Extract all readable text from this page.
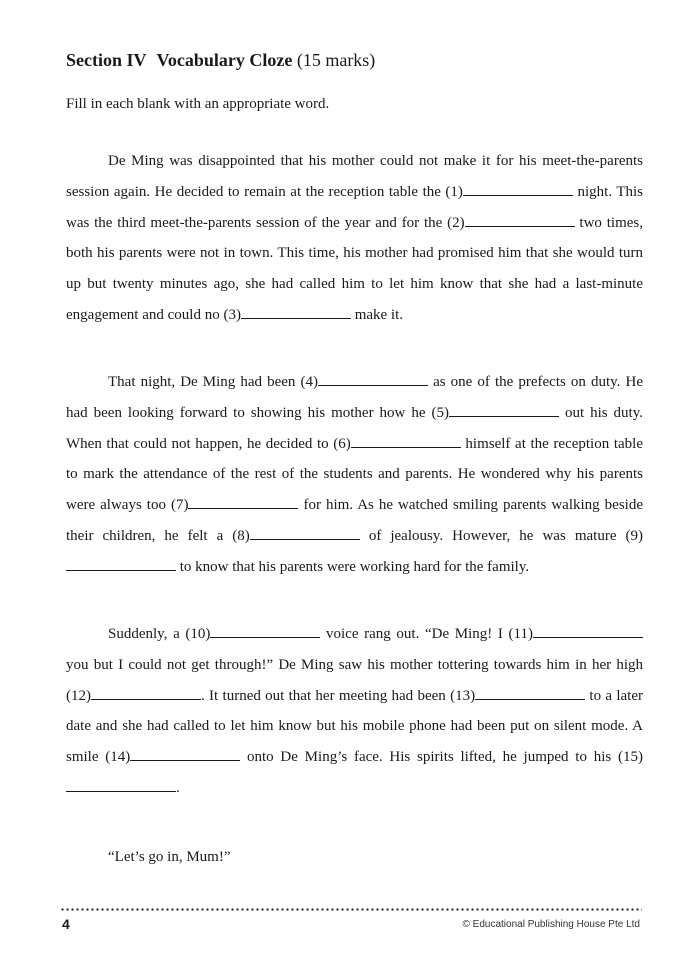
Section IV Vocabulary Cloze (15 marks)
Fill in each blank with an appropriate word.

De Ming was disappointed that his mother could not make it for his meet-the-parents session again. He decided to remain at the reception table the (1)	night. This was the third meet-the-parents session of the year and for the (2)	two times, both his parents were not in town. This time, his mother had promised him that she would turn up but twenty minutes ago, she had called him to let him know that she had a last-minute engagement and could no (3)	make it.

That night, De Ming had been (4)	as one of the prefects on duty. He had been looking forward to showing his mother how he (5)	out his duty. When that could not happen, he decided to (6)	himself at the reception table to mark the attendance of the rest of the students and parents. He wondered why his parents were always too (7)	for him. As he watched smiling parents walking beside their children, he felt a (8)	of jealousy. However, he was mature (9) to know that his parents were working hard for the family.

Suddenly, a (10)	voice rang out. “De Ming! I (11) you but I could not get through!” De Ming saw his mother tottering towards him in her high (12)	. It turned out that her meeting had been (13)	to a later date and she had called to let him know but his mobile phone had been put on silent mode. A smile (14)	onto De Ming’s face. His spirits lifted, he jumped to his (15).

“Let’s go in, Mum!”

4	© Educational Publishing House Pte Ltd
